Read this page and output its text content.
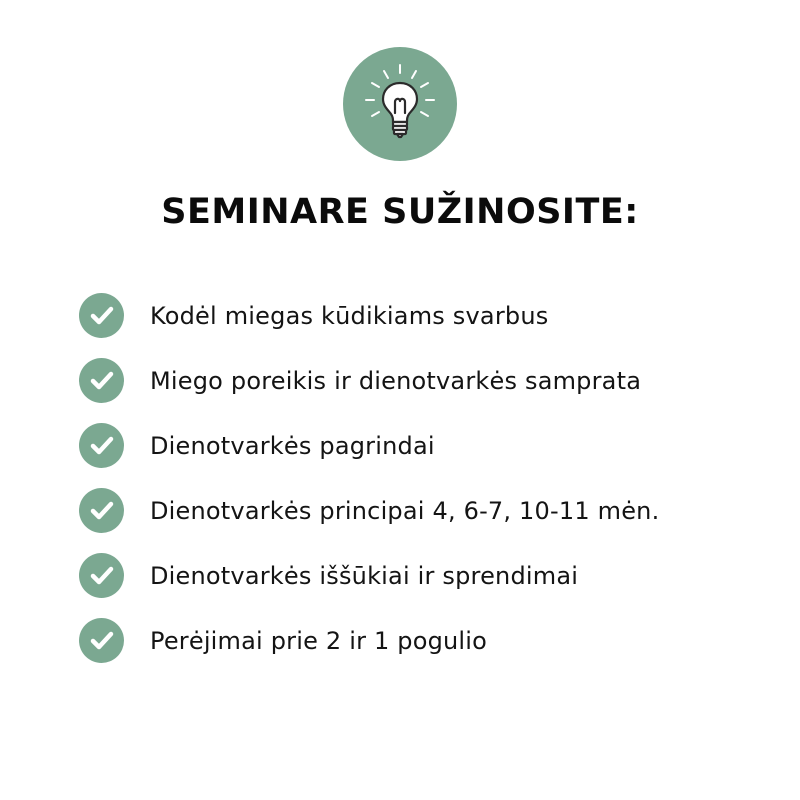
SEMINARE SUŽINOSITE:
Kodėl miegas kūdikiams svarbus
Miego poreikis ir dienotvarkės samprata
Dienotvarkės pagrindai
Dienotvarkės principai 4, 6-7, 10-11 mėn.
Dienotvarkės iššūkiai ir sprendimai
Perėjimai prie 2 ir 1 pogulio
